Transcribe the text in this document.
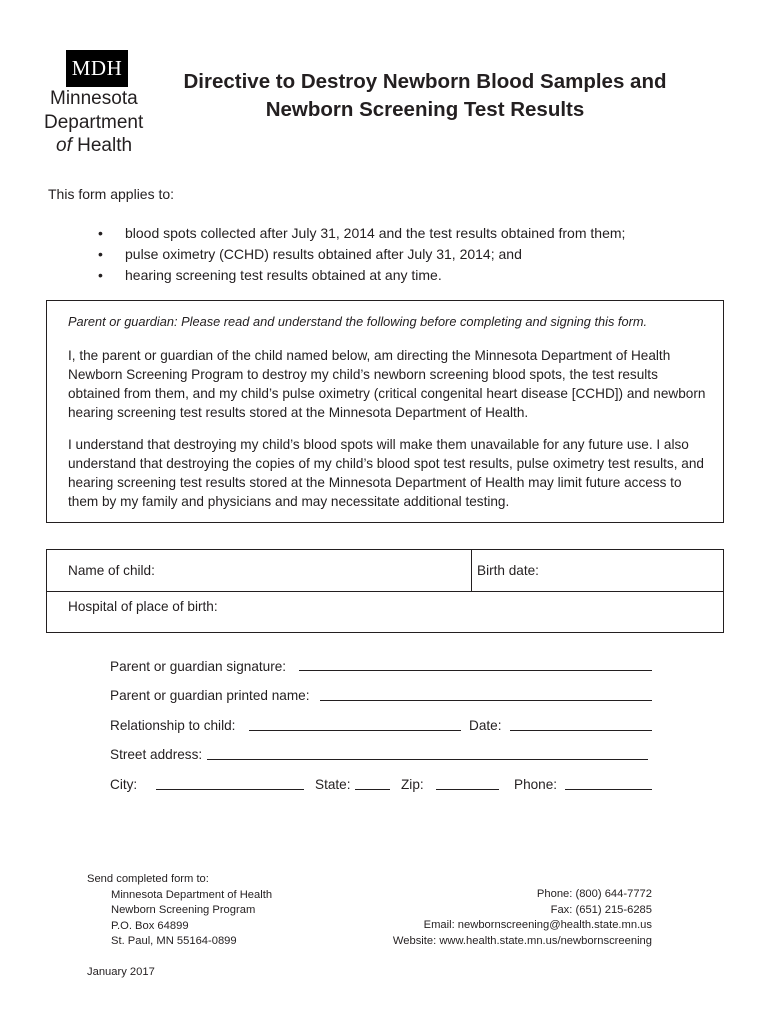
MDH
Minnesota
Department
of Health
Directive to Destroy Newborn Blood Samples and
Newborn Screening Test Results
This form applies to:
• blood spots collected after July 31, 2014 and the test results obtained from them;
• pulse oximetry (CCHD) results obtained after July 31, 2014; and
• hearing screening test results obtained at any time.
Parent or guardian: Please read and understand the following before completing and signing this form.

I, the parent or guardian of the child named below, am directing the Minnesota Department of Health Newborn Screening Program to destroy my child’s newborn screening blood spots, the test results obtained from them, and my child’s pulse oximetry (critical congenital heart disease [CCHD]) and newborn hearing screening test results stored at the Minnesota Department of Health.

I understand that destroying my child’s blood spots will make them unavailable for any future use. I also understand that destroying the copies of my child’s blood spot test results, pulse oximetry test results, and hearing screening test results stored at the Minnesota Department of Health may limit future access to them by my family and physicians and may necessitate additional testing.

Name of child:	Birth date:
Hospital of place of birth:
Parent or guardian signature:
Parent or guardian printed name:
Relationship to child:	Date:
Street address:
City:	State:	Zip:	Phone:
Send completed form to:
Minnesota Department of Health
Newborn Screening Program
P.O. Box 64899
St. Paul, MN 55164-0899
Phone: (800) 644-7772
Fax: (651) 215-6285
Email: newbornscreening@health.state.mn.us
Website: www.health.state.mn.us/newbornscreening
January 2017
